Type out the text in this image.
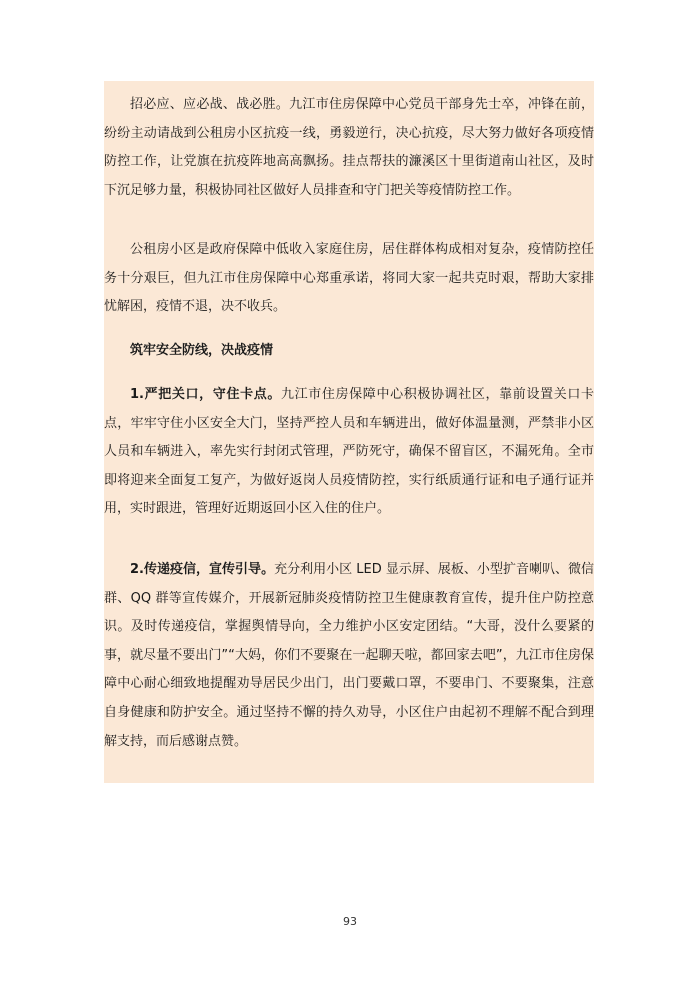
招必应、应必战、战必胜。九江市住房保障中心党员干部身先士卒，冲锋在前，纷纷主动请战到公租房小区抗疫一线，勇毅逆行，决心抗疫，尽大努力做好各项疫情防控工作，让党旗在抗疫阵地高高飘扬。挂点帮扶的濂溪区十里街道南山社区，及时下沉足够力量，积极协同社区做好人员排查和守门把关等疫情防控工作。

公租房小区是政府保障中低收入家庭住房，居住群体构成相对复杂，疫情防控任务十分艰巨，但九江市住房保障中心郑重承诺，将同大家一起共克时艰，帮助大家排忧解困，疫情不退，决不收兵。

筑牢安全防线，决战疫情

1.严把关口，守住卡点。九江市住房保障中心积极协调社区，靠前设置关口卡点，牢牢守住小区安全大门，坚持严控人员和车辆进出，做好体温量测，严禁非小区人员和车辆进入，率先实行封闭式管理，严防死守，确保不留盲区，不漏死角。全市即将迎来全面复工复产，为做好返岗人员疫情防控，实行纸质通行证和电子通行证并用，实时跟进，管理好近期返回小区入住的住户。

2.传递疫信，宣传引导。充分利用小区 LED 显示屏、展板、小型扩音喇叭、微信群、QQ 群等宣传媒介，开展新冠肺炎疫情防控卫生健康教育宣传，提升住户防控意识。及时传递疫信，掌握舆情导向，全力维护小区安定团结。“大哥，没什么要紧的事，就尽量不要出门”“大妈，你们不要聚在一起聊天啦，都回家去吧”，九江市住房保障中心耐心细致地提醒劝导居民少出门，出门要戴口罩，不要串门、不要聚集，注意自身健康和防护安全。通过坚持不懈的持久劝导，小区住户由起初不理解不配合到理解支持，而后感谢点赞。

93
